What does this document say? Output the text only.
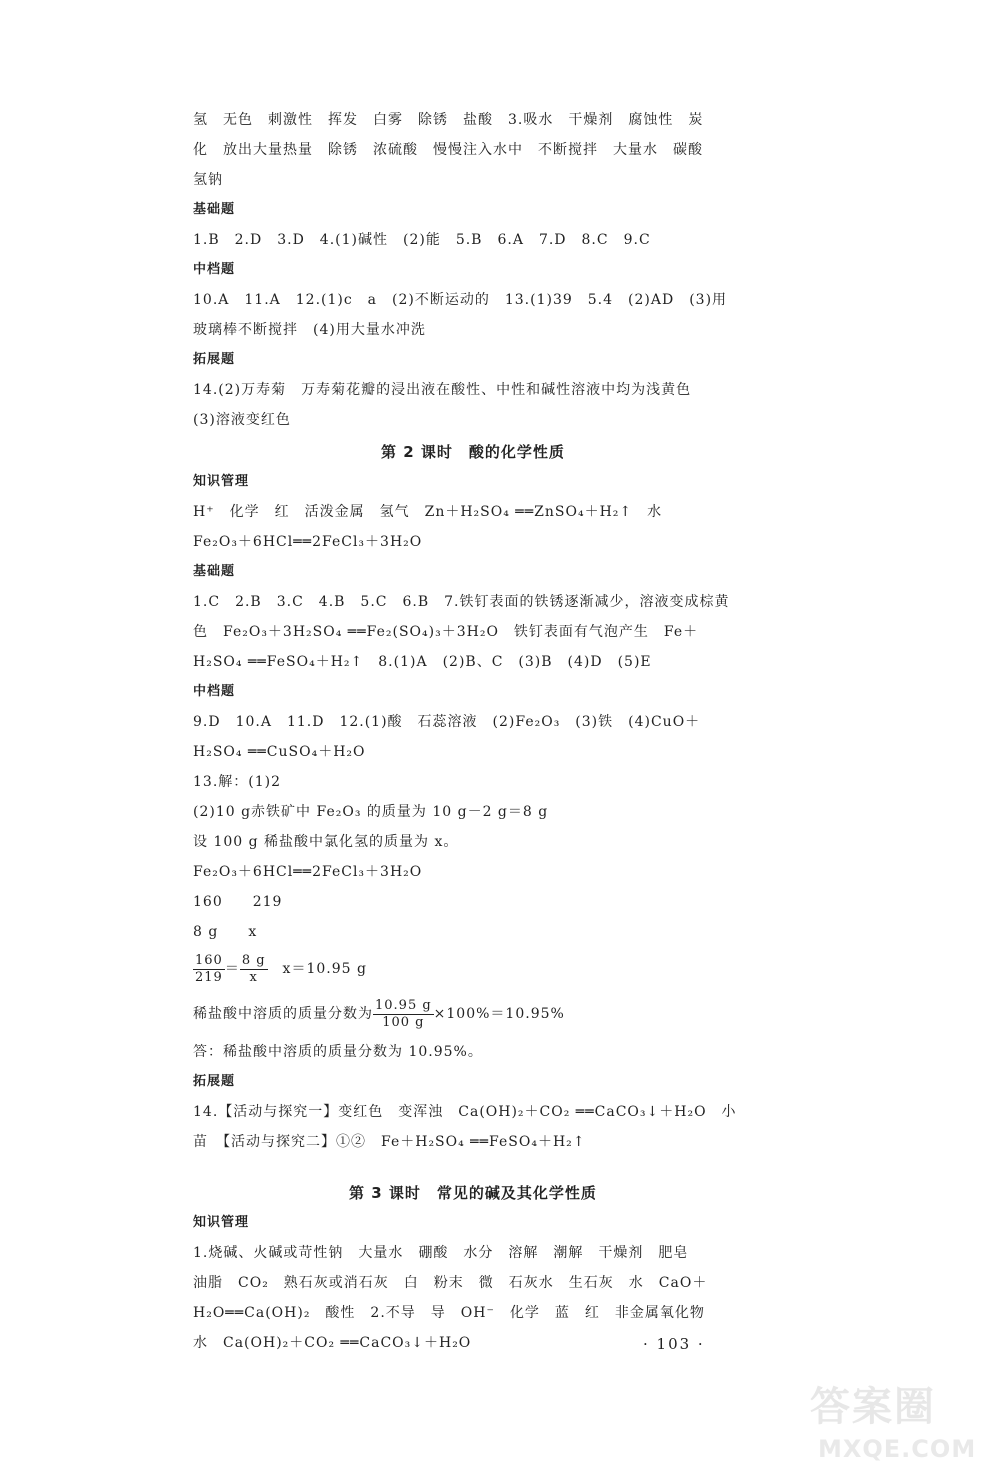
氢　无色　刺激性　挥发　白雾　除锈　盐酸　3.吸水　干燥剂　腐蚀性　炭
化　放出大量热量　除锈　浓硫酸　慢慢注入水中　不断搅拌　大量水　碳酸
氢钠
基础题
1.B　2.D　3.D　4.(1)碱性　(2)能　5.B　6.A　7.D　8.C　9.C
中档题
10.A　11.A　12.(1)c　a　(2)不断运动的　13.(1)39　5.4　(2)AD　(3)用
玻璃棒不断搅拌　(4)用大量水冲洗
拓展题
14.(2)万寿菊　万寿菊花瓣的浸出液在酸性、中性和碱性溶液中均为浅黄色
(3)溶液变红色
第 2 课时　酸的化学性质
知识管理
H⁺　化学　红　活泼金属　氢气　Zn＋H₂SO₄ ══ZnSO₄＋H₂↑　水
Fe₂O₃＋6HCl══2FeCl₃＋3H₂O
基础题
1.C　2.B　3.C　4.B　5.C　6.B　7.铁钉表面的铁锈逐渐减少，溶液变成棕黄
色　Fe₂O₃＋3H₂SO₄ ══Fe₂(SO₄)₃＋3H₂O　铁钉表面有气泡产生　Fe＋
H₂SO₄ ══FeSO₄＋H₂↑　8.(1)A　(2)B、C　(3)B　(4)D　(5)E
中档题
9.D　10.A　11.D　12.(1)酸　石蕊溶液　(2)Fe₂O₃　(3)铁　(4)CuO＋
H₂SO₄ ══CuSO₄＋H₂O
13.解：(1)2
(2)10 g赤铁矿中 Fe₂O₃ 的质量为 10 g－2 g＝8 g
设 100 g 稀盐酸中氯化氢的质量为 x。
Fe₂O₃＋6HCl══2FeCl₃＋3H₂O
160　　219
8 g　　x
$\frac{160}{219} = \frac{8 g}{x}$ 　x＝10.95 g
稀盐酸中溶质的质量分数为 $\frac{10.95 g}{100 g} \times 100\%=10.95\%$
答：稀盐酸中溶质的质量分数为 10.95%。
拓展题
14.【活动与探究一】变红色　变浑浊　Ca(OH)₂＋CO₂ ══CaCO₃↓＋H₂O　小
苗　【活动与探究二】①②　Fe＋H₂SO₄ ══FeSO₄＋H₂↑
第 3 课时　常见的碱及其化学性质
知识管理
1.烧碱、火碱或苛性钠　大量水　硼酸　水分　溶解　潮解　干燥剂　肥皂
油脂　CO₂　熟石灰或消石灰　白　粉末　微　石灰水　生石灰　水　CaO＋
H₂O══Ca(OH)₂　酸性　2.不导　导　OH⁻　化学　蓝　红　非金属氧化物
水　Ca(OH)₂＋CO₂ ══CaCO₃↓＋H₂O	· 103 ·
答案圈
MXQE.COM
